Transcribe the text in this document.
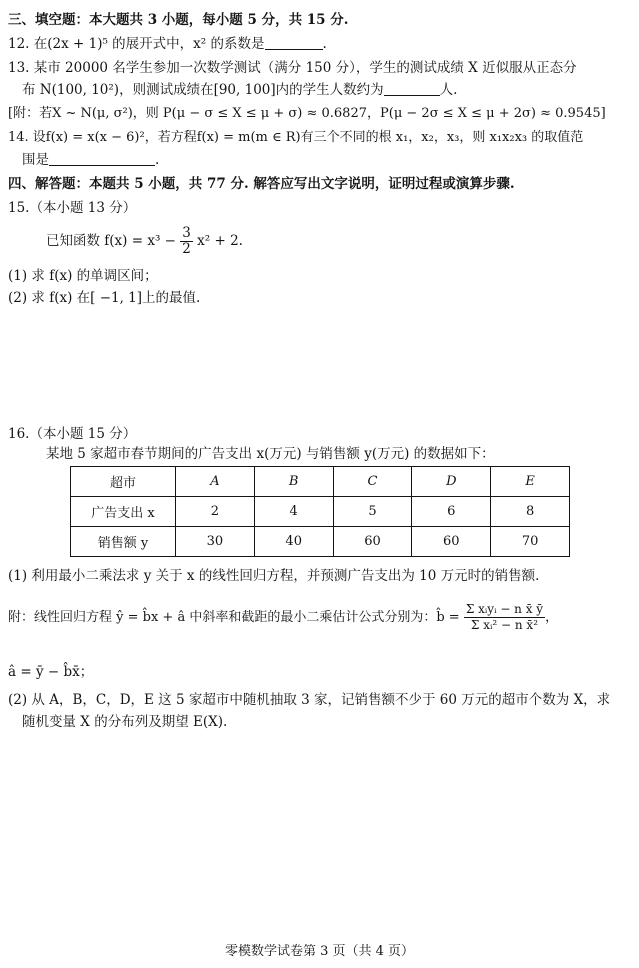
三、填空题：本大题共 3 小题，每小题 5 分，共 15 分.
12. 在(2x + 1)⁵ 的展开式中，x² 的系数是	.
13. 某市 20000 名学生参加一次数学测试（满分 150 分），学生的测试成绩 X 近似服从正态分
布 N(100, 10²)，则测试成绩在[90, 100]内的学生人数约为	人.
[附：若X ~ N(μ, σ²)，则 P(μ − σ ≤ X ≤ μ + σ) ≈ 0.6827，P(μ − 2σ ≤ X ≤ μ + 2σ) ≈ 0.9545]
14. 设f(x) = x(x − 6)²，若方程f(x) = m(m ∈ R)有三个不同的根 x₁，x₂，x₃，则 x₁x₂x₃ 的取值范
围是	.
四、解答题：本题共 5 小题，共 77 分. 解答应写出文字说明，证明过程或演算步骤.
15.（本小题 13 分）
已知函数 $f(x) = x^3 - \frac{3}{2} x^2 + 2$.
(1) 求 f(x) 的单调区间；
(2) 求 f(x) 在[ −1, 1]上的最值.
16.（本小题 15 分）
某地 5 家超市春节期间的广告支出 x(万元) 与销售额 y(万元) 的数据如下：
超市	A	B	C	D	E
广告支出 x	2	4	5	6	8
销售额 y	30	40	60	60	70
(1) 利用最小二乘法求 y 关于 x 的线性回归方程，并预测广告支出为 10 万元时的销售额.
附：线性回归方程 ŷ = b̂x + â 中斜率和截距的最小二乘估计公式分别为：b̂ = $\frac{\text{Σ xᵢyᵢ − n x̄ ȳ}}{\text{Σ xᵢ² − n x̄²}}$ ，
â = ȳ − b̂x̄；
(2) 从 A，B，C，D，E 这 5 家超市中随机抽取 3 家，记销售额不少于 60 万元的超市个数为 X，求
随机变量 X 的分布列及期望 E(X).
零模数学试卷第 3 页（共 4 页）
